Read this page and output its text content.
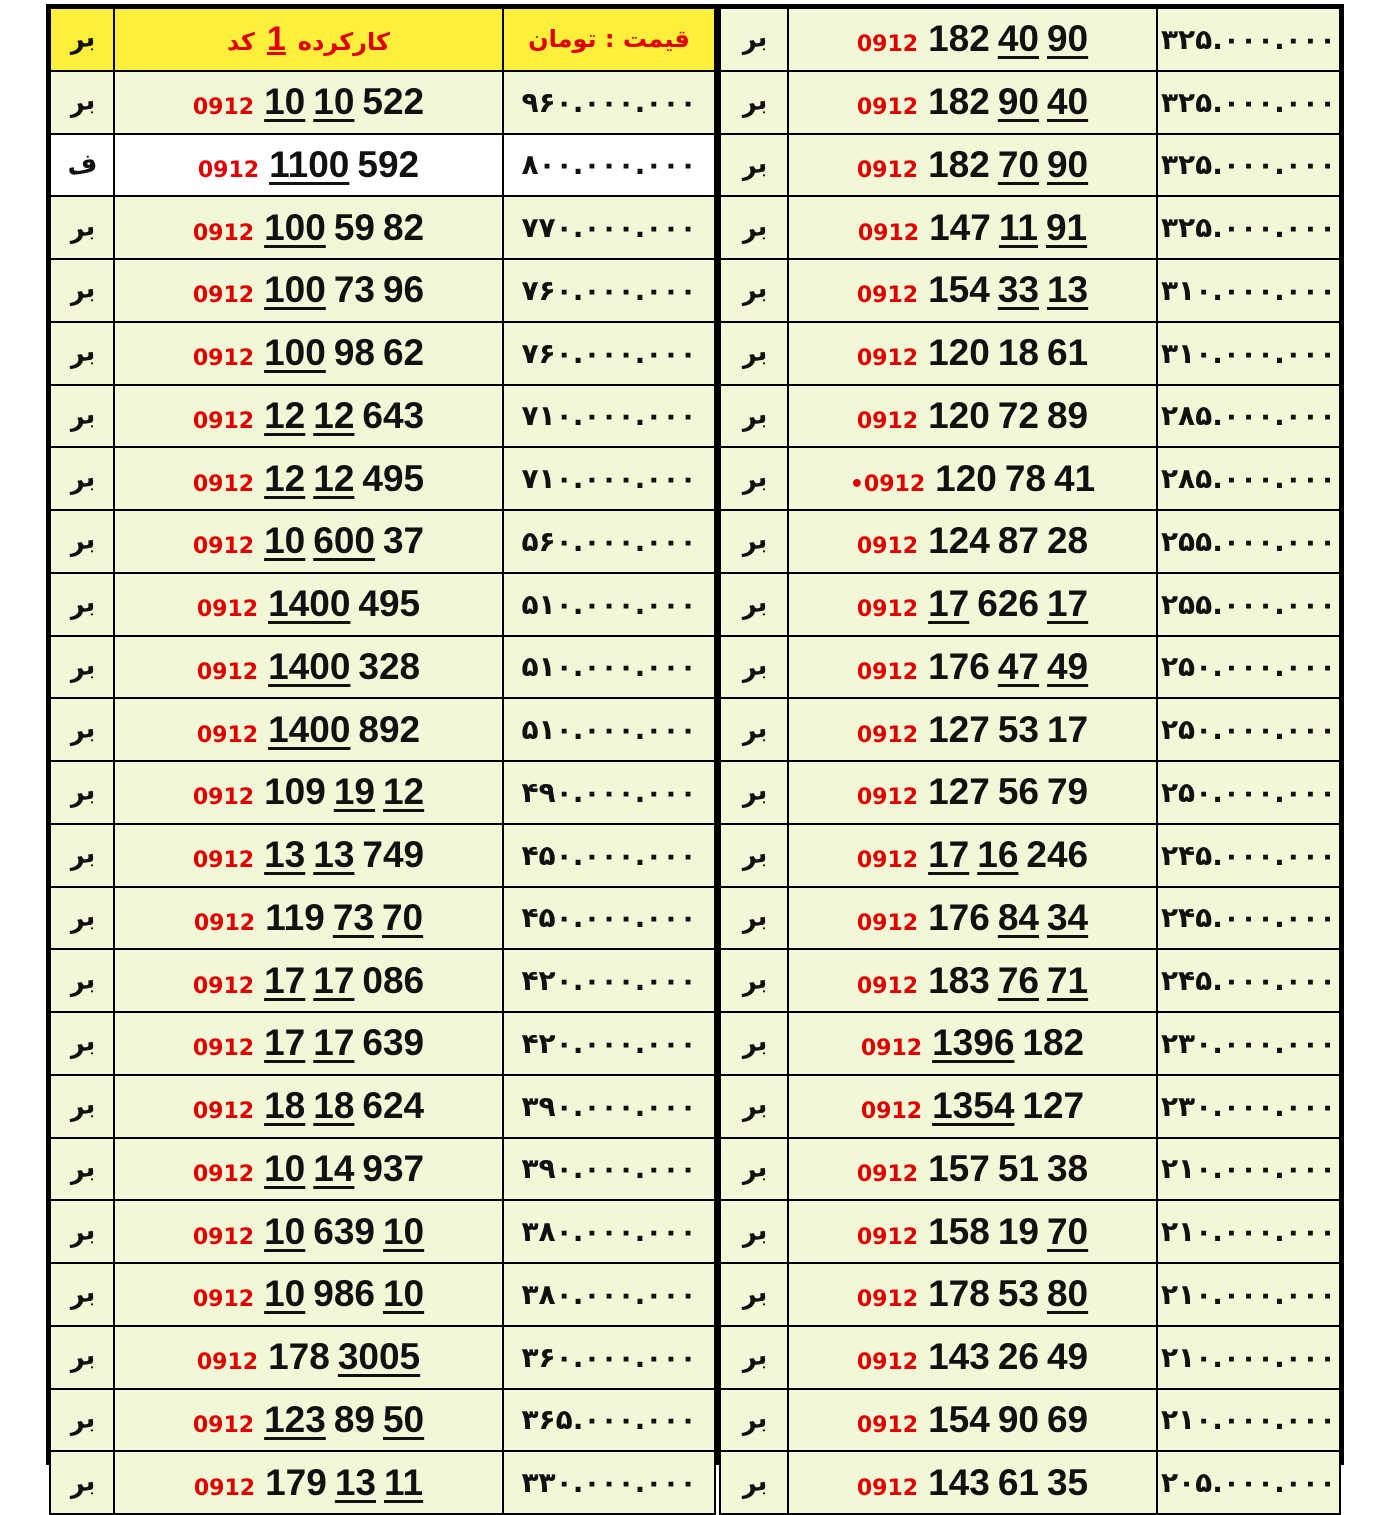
بر	کارکرده1کد	قیمت : تومان
بر	0912 10 10 522	۹۶۰.۰۰۰.۰۰۰
ف	0912 1100 592	۸۰۰.۰۰۰.۰۰۰
بر	0912 100 59 82	۷۷۰.۰۰۰.۰۰۰
بر	0912 100 73 96	۷۶۰.۰۰۰.۰۰۰
بر	0912 100 98 62	۷۶۰.۰۰۰.۰۰۰
بر	0912 12 12 643	۷۱۰.۰۰۰.۰۰۰
بر	0912 12 12 495	۷۱۰.۰۰۰.۰۰۰
بر	0912 10 600 37	۵۶۰.۰۰۰.۰۰۰
بر	0912 1400 495	۵۱۰.۰۰۰.۰۰۰
بر	0912 1400 328	۵۱۰.۰۰۰.۰۰۰
بر	0912 1400 892	۵۱۰.۰۰۰.۰۰۰
بر	0912 109 19 12	۴۹۰.۰۰۰.۰۰۰
بر	0912 13 13 749	۴۵۰.۰۰۰.۰۰۰
بر	0912 119 73 70	۴۵۰.۰۰۰.۰۰۰
بر	0912 17 17 086	۴۲۰.۰۰۰.۰۰۰
بر	0912 17 17 639	۴۲۰.۰۰۰.۰۰۰
بر	0912 18 18 624	۳۹۰.۰۰۰.۰۰۰
بر	0912 10 14 937	۳۹۰.۰۰۰.۰۰۰
بر	0912 10 639 10	۳۸۰.۰۰۰.۰۰۰
بر	0912 10 986 10	۳۸۰.۰۰۰.۰۰۰
بر	0912 178 3005	۳۶۰.۰۰۰.۰۰۰
بر	0912 123 89 50	۳۶۵.۰۰۰.۰۰۰
بر	0912 179 13 11	۳۳۰.۰۰۰.۰۰۰
بر	0912 182 40 90	۳۲۵.۰۰۰.۰۰۰
بر	0912 182 90 40	۳۲۵.۰۰۰.۰۰۰
بر	0912 182 70 90	۳۲۵.۰۰۰.۰۰۰
بر	0912 147 11 91	۳۲۵.۰۰۰.۰۰۰
بر	0912 154 33 13	۳۱۰.۰۰۰.۰۰۰
بر	0912 120 18 61	۳۱۰.۰۰۰.۰۰۰
بر	0912 120 72 89	۲۸۵.۰۰۰.۰۰۰
بر	•0912 120 78 41	۲۸۵.۰۰۰.۰۰۰
بر	0912 124 87 28	۲۵۵.۰۰۰.۰۰۰
بر	0912 17 626 17	۲۵۵.۰۰۰.۰۰۰
بر	0912 176 47 49	۲۵۰.۰۰۰.۰۰۰
بر	0912 127 53 17	۲۵۰.۰۰۰.۰۰۰
بر	0912 127 56 79	۲۵۰.۰۰۰.۰۰۰
بر	0912 17 16 246	۲۴۵.۰۰۰.۰۰۰
بر	0912 176 84 34	۲۴۵.۰۰۰.۰۰۰
بر	0912 183 76 71	۲۴۵.۰۰۰.۰۰۰
بر	0912 1396 182	۲۳۰.۰۰۰.۰۰۰
بر	0912 1354 127	۲۳۰.۰۰۰.۰۰۰
بر	0912 157 51 38	۲۱۰.۰۰۰.۰۰۰
بر	0912 158 19 70	۲۱۰.۰۰۰.۰۰۰
بر	0912 178 53 80	۲۱۰.۰۰۰.۰۰۰
بر	0912 143 26 49	۲۱۰.۰۰۰.۰۰۰
بر	0912 154 90 69	۲۱۰.۰۰۰.۰۰۰
بر	0912 143 61 35	۲۰۵.۰۰۰.۰۰۰
